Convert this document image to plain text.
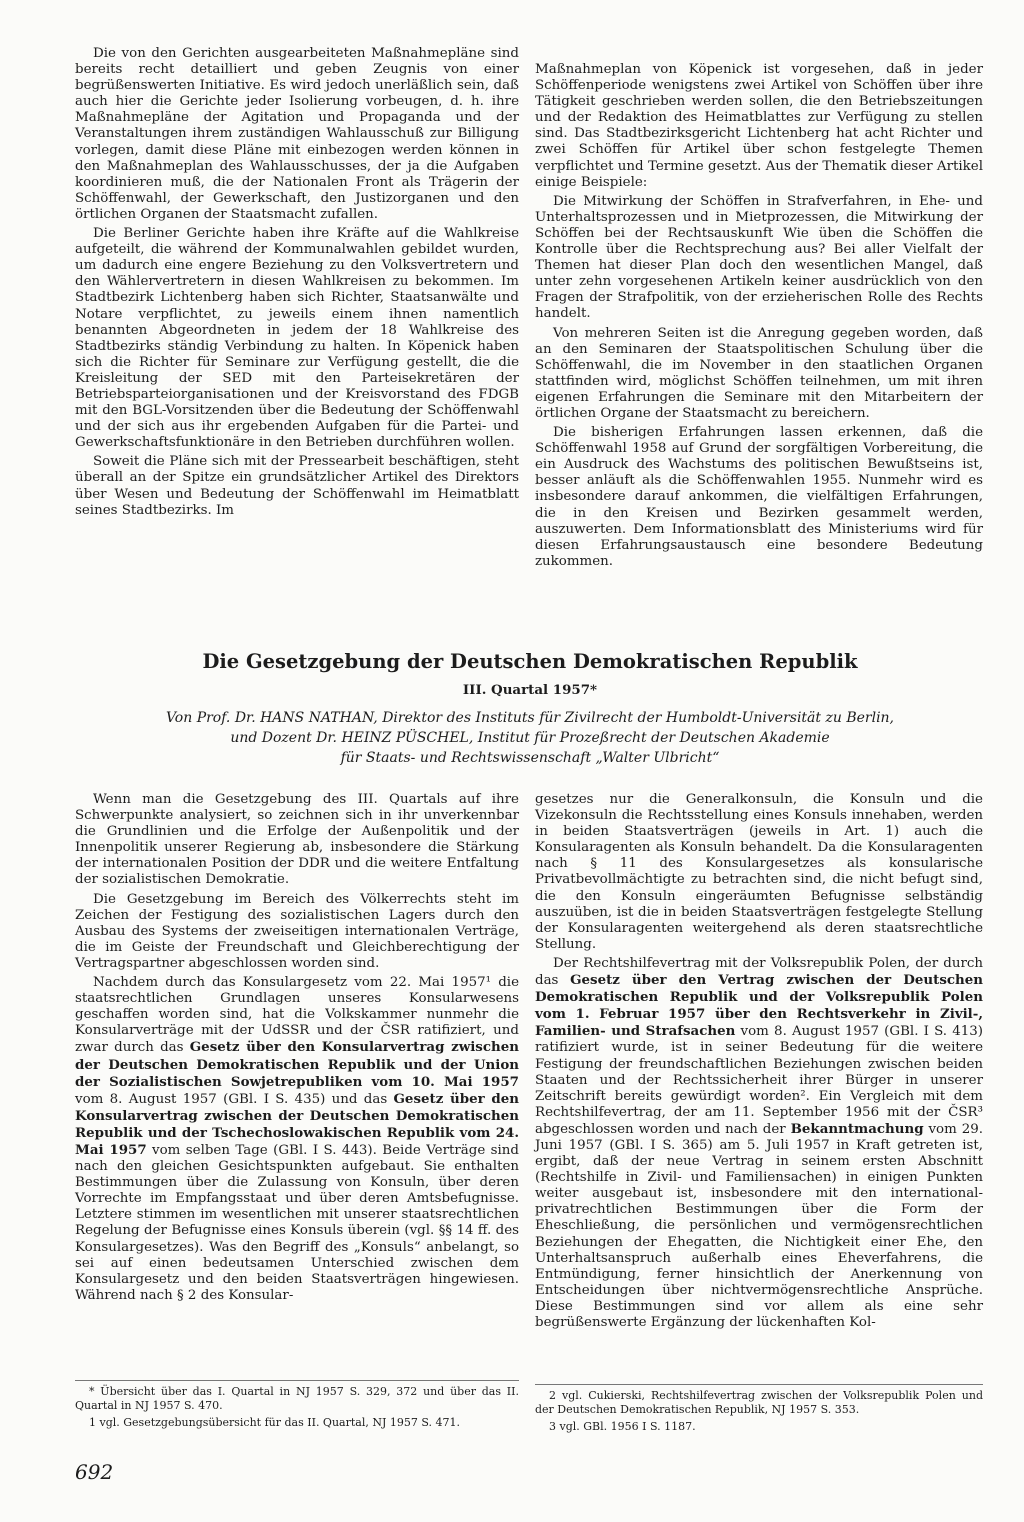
Die von den Gerichten ausgearbeiteten Maßnahmepläne sind bereits recht detailliert und geben Zeugnis von einer begrüßenswerten Initiative. Es wird jedoch unerläßlich sein, daß auch hier die Gerichte jeder Isolierung vorbeugen, d. h. ihre Maßnahmepläne der Agitation und Propaganda und der Veranstaltungen ihrem zuständigen Wahlausschuß zur Billigung vorlegen, damit diese Pläne mit einbezogen werden können in den Maßnahmeplan des Wahlausschusses, der ja die Aufgaben koordinieren muß, die der Nationalen Front als Trägerin der Schöffenwahl, der Gewerkschaft, den Justizorganen und den örtlichen Organen der Staatsmacht zufallen.

Die Berliner Gerichte haben ihre Kräfte auf die Wahlkreise aufgeteilt, die während der Kommunalwahlen gebildet wurden, um dadurch eine engere Beziehung zu den Volksvertretern und den Wählervertretern in diesen Wahlkreisen zu bekommen. Im Stadtbezirk Lichtenberg haben sich Richter, Staatsanwälte und Notare verpflichtet, zu jeweils einem ihnen namentlich benannten Abgeordneten in jedem der 18 Wahlkreise des Stadtbezirks ständig Verbindung zu halten. In Köpenick haben sich die Richter für Seminare zur Verfügung gestellt, die die Kreisleitung der SED mit den Parteisekretären der Betriebsparteiorganisationen und der Kreisvorstand des FDGB mit den BGL-Vorsitzenden über die Bedeutung der Schöffenwahl und der sich aus ihr ergebenden Aufgaben für die Partei- und Gewerkschaftsfunktionäre in den Betrieben durchführen wollen.

Soweit die Pläne sich mit der Pressearbeit beschäftigen, steht überall an der Spitze ein grundsätzlicher Artikel des Direktors über Wesen und Bedeutung der Schöffenwahl im Heimatblatt seines Stadtbezirks. Im

Maßnahmeplan von Köpenick ist vorgesehen, daß in jeder Schöffenperiode wenigstens zwei Artikel von Schöffen über ihre Tätigkeit geschrieben werden sollen, die den Betriebszeitungen und der Redaktion des Heimatblattes zur Verfügung zu stellen sind. Das Stadtbezirksgericht Lichtenberg hat acht Richter und zwei Schöffen für Artikel über schon festgelegte Themen verpflichtet und Termine gesetzt. Aus der Thematik dieser Artikel einige Beispiele:

Die Mitwirkung der Schöffen in Strafverfahren, in Ehe- und Unterhaltsprozessen und in Mietprozessen, die Mitwirkung der Schöffen bei der Rechtsauskunft Wie üben die Schöffen die Kontrolle über die Rechtsprechung aus? Bei aller Vielfalt der Themen hat dieser Plan doch den wesentlichen Mangel, daß unter zehn vorgesehenen Artikeln keiner ausdrücklich von den Fragen der Strafpolitik, von der erzieherischen Rolle des Rechts handelt.

Von mehreren Seiten ist die Anregung gegeben worden, daß an den Seminaren der Staatspolitischen Schulung über die Schöffenwahl, die im November in den staatlichen Organen stattfinden wird, möglichst Schöffen teilnehmen, um mit ihren eigenen Erfahrungen die Seminare mit den Mitarbeitern der örtlichen Organe der Staatsmacht zu bereichern.

Die bisherigen Erfahrungen lassen erkennen, daß die Schöffenwahl 1958 auf Grund der sorgfältigen Vorbereitung, die ein Ausdruck des Wachstums des politischen Bewußtseins ist, besser anläuft als die Schöffenwahlen 1955. Nunmehr wird es insbesondere darauf ankommen, die vielfältigen Erfahrungen, die in den Kreisen und Bezirken gesammelt werden, auszuwerten. Dem Informationsblatt des Ministeriums wird für diesen Erfahrungsaustausch eine besondere Bedeutung zukommen.

Die Gesetzgebung der Deutschen Demokratischen Republik
III. Quartal 1957*
Von Prof. Dr. HANS NATHAN, Direktor des Instituts für Zivilrecht der Humboldt-Universität zu Berlin,
und Dozent Dr. HEINZ PÜSCHEL, Institut für Prozeßrecht der Deutschen Akademie
für Staats- und Rechtswissenschaft „Walter Ulbricht“

Wenn man die Gesetzgebung des III. Quartals auf ihre Schwerpunkte analysiert, so zeichnen sich in ihr unverkennbar die Grundlinien und die Erfolge der Außenpolitik und der Innenpolitik unserer Regierung ab, insbesondere die Stärkung der internationalen Position der DDR und die weitere Entfaltung der sozialistischen Demokratie.

Die Gesetzgebung im Bereich des Völkerrechts steht im Zeichen der Festigung des sozialistischen Lagers durch den Ausbau des Systems der zweiseitigen internationalen Verträge, die im Geiste der Freundschaft und Gleichberechtigung der Vertragspartner abgeschlossen worden sind.

Nachdem durch das Konsulargesetz vom 22. Mai 1957¹ die staatsrechtlichen Grundlagen unseres Konsularwesens geschaffen worden sind, hat die Volkskammer nunmehr die Konsularverträge mit der UdSSR und der ČSR ratifiziert, und zwar durch das Gesetz über den Konsularvertrag zwischen der Deutschen Demokratischen Republik und der Union der Sozialistischen Sowjetrepubliken vom 10. Mai 1957 vom 8. August 1957 (GBl. I S. 435) und das Gesetz über den Konsularvertrag zwischen der Deutschen Demokratischen Republik und der Tschechoslowakischen Republik vom 24. Mai 1957 vom selben Tage (GBl. I S. 443). Beide Verträge sind nach den gleichen Gesichtspunkten aufgebaut. Sie enthalten Bestimmungen über die Zulassung von Konsuln, über deren Vorrechte im Empfangsstaat und über deren Amtsbefugnisse. Letztere stimmen im wesentlichen mit unserer staatsrechtlichen Regelung der Befugnisse eines Konsuls überein (vgl. §§ 14 ff. des Konsulargesetzes). Was den Begriff des „Konsuls“ anbelangt, so sei auf einen bedeutsamen Unterschied zwischen dem Konsulargesetz und den beiden Staatsverträgen hingewiesen. Während nach § 2 des Konsular-

gesetzes nur die Generalkonsuln, die Konsuln und die Vizekonsuln die Rechtsstellung eines Konsuls innehaben, werden in beiden Staatsverträgen (jeweils in Art. 1) auch die Konsularagenten als Konsuln behandelt. Da die Konsularagenten nach § 11 des Konsulargesetzes als konsularische Privatbevollmächtigte zu betrachten sind, die nicht befugt sind, die den Konsuln eingeräumten Befugnisse selbständig auszuüben, ist die in beiden Staatsverträgen festgelegte Stellung der Konsularagenten weitergehend als deren staatsrechtliche Stellung.

Der Rechtshilfevertrag mit der Volksrepublik Polen, der durch das Gesetz über den Vertrag zwischen der Deutschen Demokratischen Republik und der Volksrepublik Polen vom 1. Februar 1957 über den Rechtsverkehr in Zivil-, Familien- und Strafsachen vom 8. August 1957 (GBl. I S. 413) ratifiziert wurde, ist in seiner Bedeutung für die weitere Festigung der freundschaftlichen Beziehungen zwischen beiden Staaten und der Rechtssicherheit ihrer Bürger in unserer Zeitschrift bereits gewürdigt worden². Ein Vergleich mit dem Rechtshilfevertrag, der am 11. September 1956 mit der ČSR³ abgeschlossen worden und nach der Bekanntmachung vom 29. Juni 1957 (GBl. I S. 365) am 5. Juli 1957 in Kraft getreten ist, ergibt, daß der neue Vertrag in seinem ersten Abschnitt (Rechtshilfe in Zivil- und Familiensachen) in einigen Punkten weiter ausgebaut ist, insbesondere mit den international-privatrechtlichen Bestimmungen über die Form der Eheschließung, die persönlichen und vermögensrechtlichen Beziehungen der Ehegatten, die Nichtigkeit einer Ehe, den Unterhaltsanspruch außerhalb eines Eheverfahrens, die Entmündigung, ferner hinsichtlich der Anerkennung von Entscheidungen über nichtvermögensrechtliche Ansprüche. Diese Bestimmungen sind vor allem als eine sehr begrüßenswerte Ergänzung der lückenhaften Kol-

* Übersicht über das I. Quartal in NJ 1957 S. 329, 372 und über das II. Quartal in NJ 1957 S. 470.

1 vgl. Gesetzgebungsübersicht für das II. Quartal, NJ 1957 S. 471.

2 vgl. Cukierski, Rechtshilfevertrag zwischen der Volksrepublik Polen und der Deutschen Demokratischen Republik, NJ 1957 S. 353.

3 vgl. GBl. 1956 I S. 1187.

692
